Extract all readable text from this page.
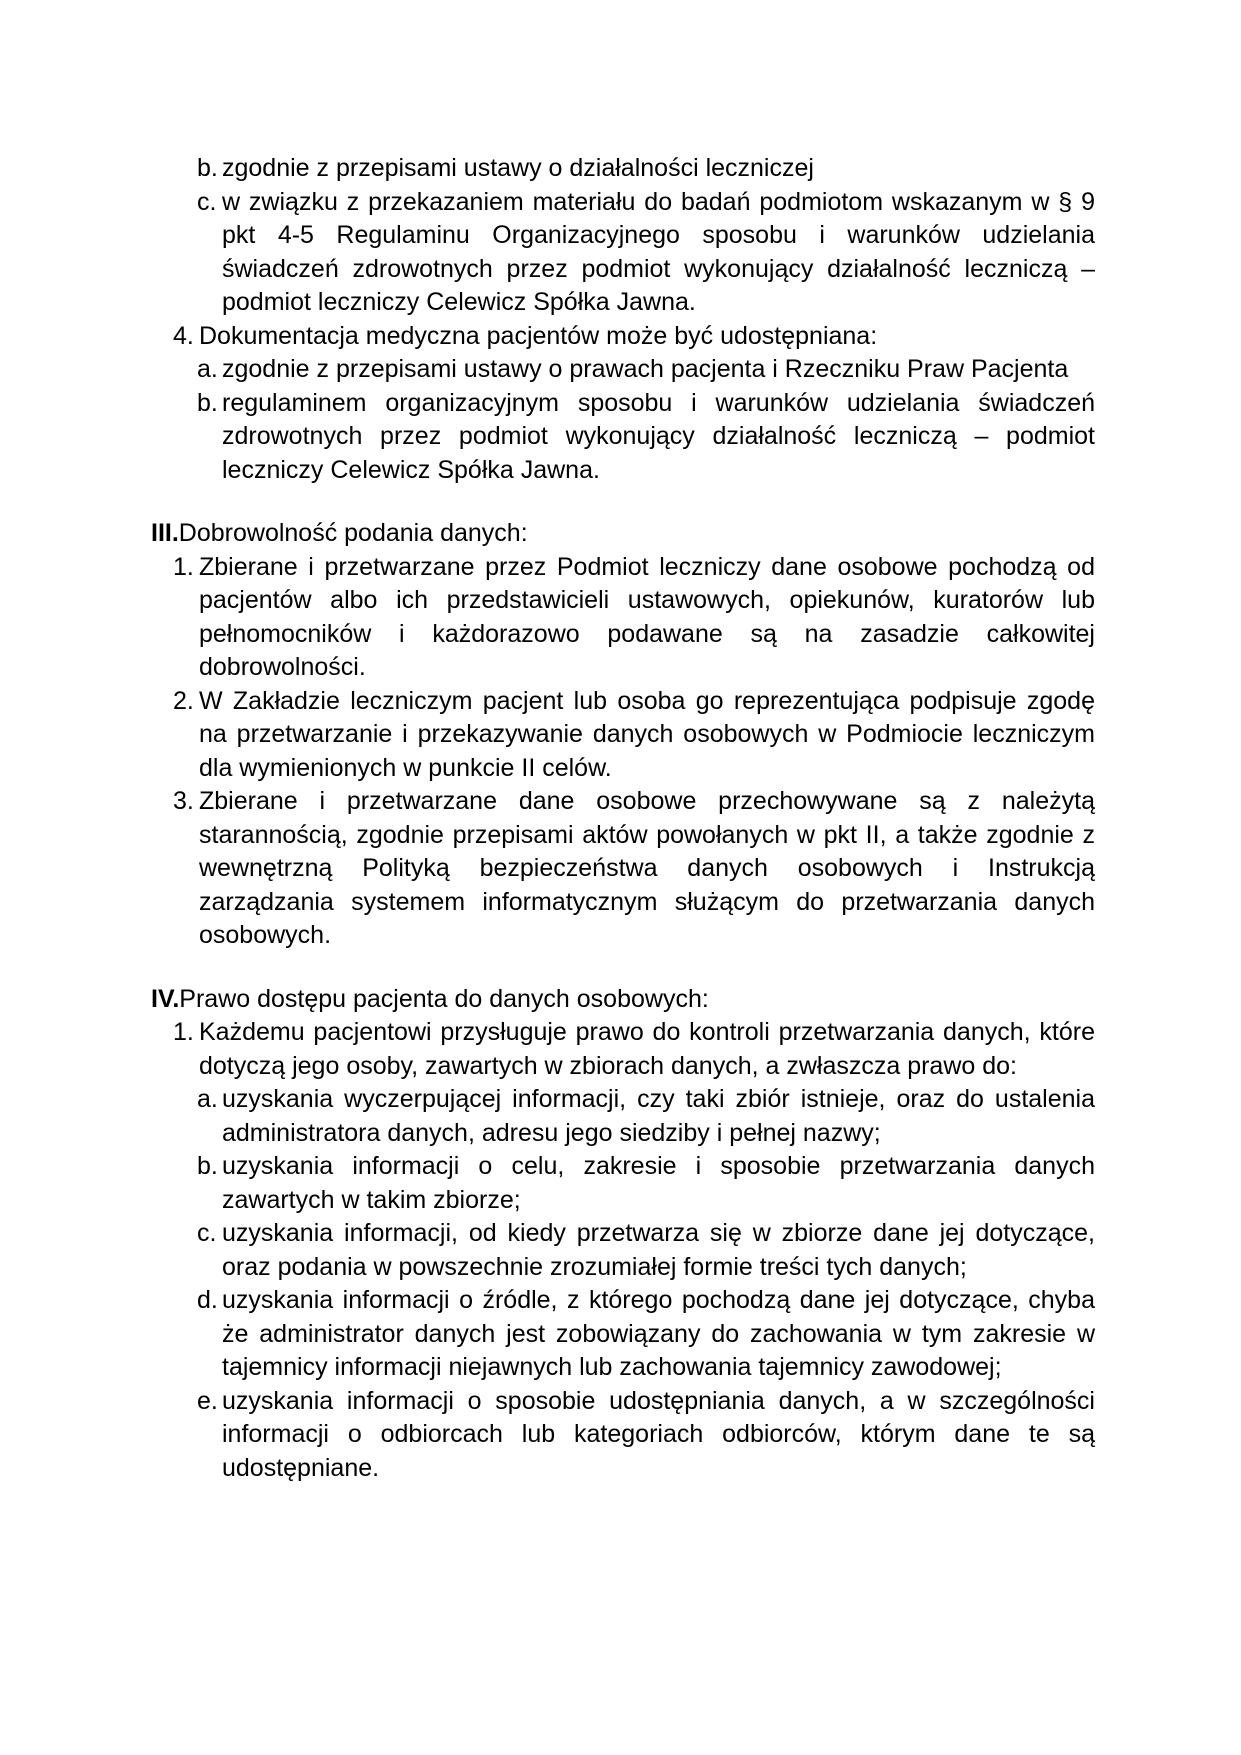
b. zgodnie z przepisami ustawy o działalności leczniczej
c. w związku z przekazaniem materiału do badań podmiotom wskazanym w § 9 pkt 4-5 Regulaminu Organizacyjnego sposobu i warunków udzielania świadczeń zdrowotnych przez podmiot wykonujący działalność leczniczą – podmiot leczniczy Celewicz Spółka Jawna.
4. Dokumentacja medyczna pacjentów może być udostępniana:
a. zgodnie z przepisami ustawy o prawach pacjenta i Rzeczniku Praw Pacjenta
b. regulaminem organizacyjnym sposobu i warunków udzielania świadczeń zdrowotnych przez podmiot wykonujący działalność leczniczą – podmiot leczniczy Celewicz Spółka Jawna.
III. Dobrowolność podania danych:
1. Zbierane i przetwarzane przez Podmiot leczniczy dane osobowe pochodzą od pacjentów albo ich przedstawicieli ustawowych, opiekunów, kuratorów lub pełnomocników i każdorazowo podawane są na zasadzie całkowitej dobrowolności.
2. W Zakładzie leczniczym pacjent lub osoba go reprezentująca podpisuje zgodę na przetwarzanie i przekazywanie danych osobowych w Podmiocie leczniczym dla wymienionych w punkcie II celów.
3. Zbierane i przetwarzane dane osobowe przechowywane są z należytą starannością, zgodnie przepisami aktów powołanych w pkt II, a także zgodnie z wewnętrzną Polityką bezpieczeństwa danych osobowych i Instrukcją zarządzania systemem informatycznym służącym do przetwarzania danych osobowych.
IV. Prawo dostępu pacjenta do danych osobowych:
1. Każdemu pacjentowi przysługuje prawo do kontroli przetwarzania danych, które dotyczą jego osoby, zawartych w zbiorach danych, a zwłaszcza prawo do:
a. uzyskania wyczerpującej informacji, czy taki zbiór istnieje, oraz do ustalenia administratora danych, adresu jego siedziby i pełnej nazwy;
b. uzyskania informacji o celu, zakresie i sposobie przetwarzania danych zawartych w takim zbiorze;
c. uzyskania informacji, od kiedy przetwarza się w zbiorze dane jej dotyczące, oraz podania w powszechnie zrozumiałej formie treści tych danych;
d. uzyskania informacji o źródle, z którego pochodzą dane jej dotyczące, chyba że administrator danych jest zobowiązany do zachowania w tym zakresie w tajemnicy informacji niejawnych lub zachowania tajemnicy zawodowej;
e. uzyskania informacji o sposobie udostępniania danych, a w szczególności informacji o odbiorcach lub kategoriach odbiorców, którym dane te są udostępniane.
